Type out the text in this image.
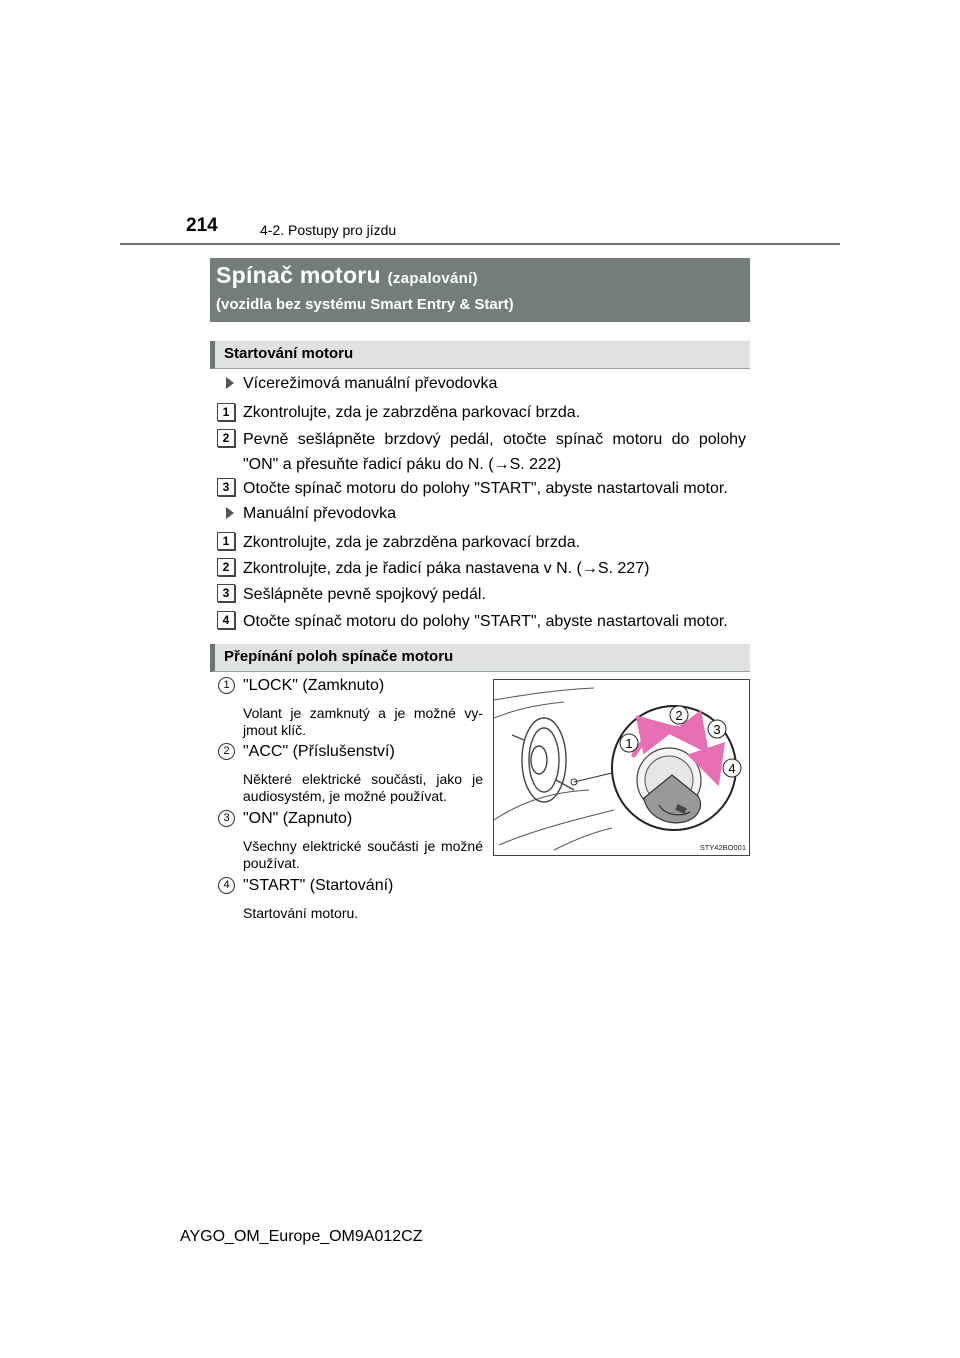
214	4-2. Postupy pro jízdu
Spínač motoru (zapalování)
(vozidla bez systému Smart Entry & Start)
Startování motoru
Vícerežimová manuální převodovka
1 Zkontrolujte, zda je zabrzděna parkovací brzda.
2 Pevně sešlápněte brzdový pedál, otočte spínač motoru do polohy "ON" a přesuňte řadicí páku do N. (→S. 222)
3 Otočte spínač motoru do polohy "START", abyste nastartovali motor.
Manuální převodovka
1 Zkontrolujte, zda je zabrzděna parkovací brzda.
2 Zkontrolujte, zda je řadicí páka nastavena v N. (→S. 227)
3 Sešlápněte pevně spojkový pedál.
4 Otočte spínač motoru do polohy "START", abyste nastartovali motor.
Přepínání poloh spínače motoru
1 "LOCK" (Zamknuto)
Volant je zamknutý a je možné vy-jmout klíč.
2 "ACC" (Příslušenství)
Některé elektrické součásti, jako je audiosystém, je možné používat.
3 "ON" (Zapnuto)
Všechny elektrické součásti je možné používat.
4 "START" (Startování)
Startování motoru.
PUSH
1
2
3
4
STY42BO001
AYGO_OM_Europe_OM9A012CZ
